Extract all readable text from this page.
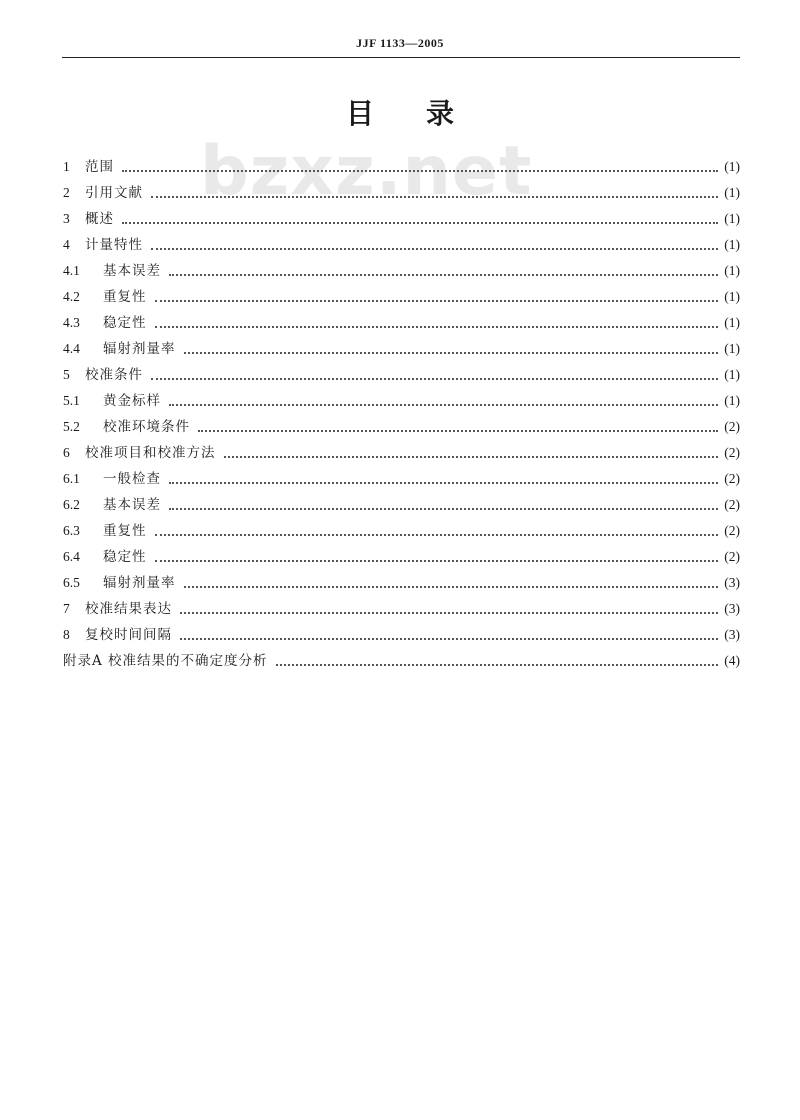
JJF 1133—2005
目录
bzxz.net
1	范围	(1)
2	引用文献	(1)
3	概述	(1)
4	计量特性	(1)
4.1	基本误差	(1)
4.2	重复性	(1)
4.3	稳定性	(1)
4.4	辐射剂量率	(1)
5	校准条件	(1)
5.1	黄金标样	(1)
5.2	校准环境条件	(2)
6	校准项目和校准方法	(2)
6.1	一般检查	(2)
6.2	基本误差	(2)
6.3	重复性	(2)
6.4	稳定性	(2)
6.5	辐射剂量率	(3)
7	校准结果表达	(3)
8	复校时间间隔	(3)
附录A 校准结果的不确定度分析	(4)
